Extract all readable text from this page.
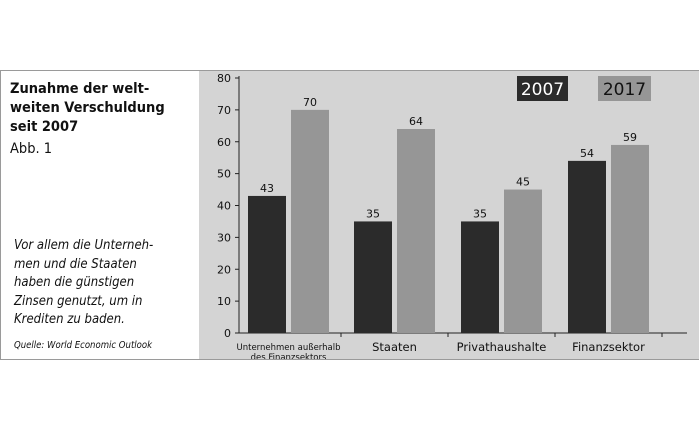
Zunahme der welt-
weiten Verschuldung
seit 2007
Abb. 1
Vor allem die Unterneh-
men und die Staaten
haben die günstigen
Zinsen genutzt, um in
Krediten zu baden.
Quelle: World Economic Outlook
0
10
20
30
40
50
60
70
80
43
70
Unternehmen außerhalb
des Finanzsektors
35
64
Staaten
35
45
Privathaushalte
54
59
Finanzsektor
2007 2017
